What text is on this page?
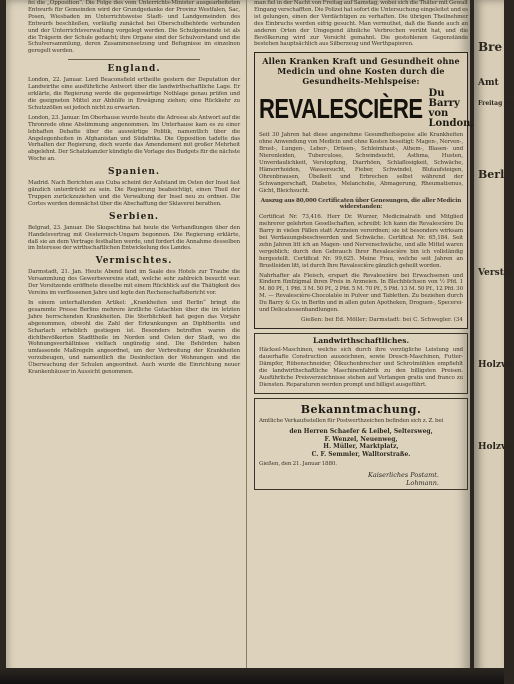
fei die „Opposition“. Die Folge des vom Unterrichts-Minister ausgearbeiteten Entwurfs für Gemeinden wird der Grundgedanke der Provinz Westfalen, Sac, Posen, Wiesbaden im Unterrichtsweise Stadt- und Landgemeinden des Entwurfs beschließen, vorläufig zunächst bei Oberschulbehörde verbunden und der Unterrichtsverwaltung vorgelegt werden. Die Schulgemeinde ist als die Trägerin der Schule gedacht; ihre Organe sind der Schulvorstand und die Schulversammlung, deren Zusammensetzung und Befugnisse im einzelnen geregelt werden.

England.

London, 22. Januar. Lord Beaconsfield ertheilte gestern der Deputation der Landwirthe eine ausführliche Antwort über die landwirthschaftliche Lage. Er erklärte, die Regierung werde die gegenwärtige Nothlage genau prüfen und die geeigneten Mittel zur Abhülfe in Erwägung ziehen; eine Rückkehr zu Schutzzöllen sei jedoch nicht zu erwarten.

London, 23. Januar. Im Oberhause wurde heute die Adresse als Antwort auf die Thronrede ohne Abstimmung angenommen. Im Unterhause kam es zu einer lebhaften Debatte über die auswärtige Politik, namentlich über die Angelegenheiten in Afghanistan und Südafrika. Die Opposition tadelte das Verhalten der Regierung, doch wurde das Amendement mit großer Mehrheit abgelehnt. Der Schatzkanzler kündigte die Vorlage des Budgets für die nächste Woche an.

Spanien.

Madrid. Nach Berichten aus Cuba scheint der Aufstand im Osten der Insel fast gänzlich unterdrückt zu sein. Die Regierung beabsichtigt, einen Theil der Truppen zurückzuziehen und die Verwaltung der Insel neu zu ordnen. Die Cortes werden demnächst über die Abschaffung der Sklaverei berathen.

Serbien.

Belgrad, 23. Januar. Die Skupschtina hat heute die Verhandlungen über den Handelsvertrag mit Oesterreich-Ungarn begonnen. Die Regierung erklärte, daß sie an dem Vertrage festhalten werde, und fordert die Annahme desselben im Interesse der wirthschaftlichen Entwickelung des Landes.

Vermischtes.

Darmstadt, 21. Jan. Heute Abend fand im Saale des Hotels zur Traube die Versammlung des Gewerbevereins statt, welche sehr zahlreich besucht war. Der Vorsitzende eröffnete dieselbe mit einem Rückblick auf die Thätigkeit des Vereins im verflossenen Jahre und legte den Rechenschaftsbericht vor.

In einem unterhaltenden Artikel: „Krankheiten und Berlin“ bringt die gesammte Presse Berlins mehrere ärztliche Gutachten über die im letzten Jahre herrschenden Krankheiten. Die Sterblichkeit hat gegen das Vorjahr abgenommen, obwohl die Zahl der Erkrankungen an Diphtheritis und Scharlach erheblich gestiegen ist. Besonders betroffen waren die dichtbevölkerten Stadttheile im Norden und Osten der Stadt, wo die Wohnungsverhältnisse vielfach ungünstig sind. Die Behörden haben umfassende Maßregeln angeordnet, um der Verbreitung der Krankheiten vorzubeugen, und namentlich die Desinfection der Wohnungen und die Überwachung der Schulen angeordnet. Auch wurde die Einrichtung neuer Krankenhäuser in Aussicht genommen.

man fiel in der Nacht von Freitag auf Samstag, wobei sich die Thäter mit Gewalt Eingang verschafften. Die Polizei hat sofort die Untersuchung eingeleitet und es ist gelungen, einen der Verdächtigen zu verhaften. Die übrigen Theilnehmer des Einbruchs werden eifrig gesucht. Man vermuthet, daß die Bande auch an anderen Orten der Umgegend ähnliche Verbrechen verübt hat, und die Bevölkerung wird zur Vorsicht gemahnt. Die gestohlenen Gegenstände bestehen hauptsächlich aus Silberzeug und Werthpapieren.

Allen Kranken Kraft und Gesundheit ohne Medicin und ohne Kosten durch die Gesundheits-Mehlspeise:
REVALESCIÈRE Du Barry von London.

Seit 30 Jahren hat diese angenehme Gesundheitsspeise alle Krankheiten ohne Anwendung von Medicin und ohne Kosten beseitigt: Magen-, Nerven-, Brust-, Lungen-, Leber-, Drüsen-, Schleimhaut-, Athem-, Blasen- und Nierenleiden, Tuberculose, Schwindsucht, Asthma, Husten, Unverdaulichkeit, Verstopfung, Diarrhöen, Schlaflosigkeit, Schwäche, Hämorrhoiden, Wassersucht, Fieber, Schwindel, Blutaufsteigen, Ohrenbrausen, Übelkeit und Erbrechen selbst während der Schwangerschaft, Diabetes, Melancholie, Abmagerung, Rheumatismus, Gicht, Bleichsucht.

Auszug aus 80,000 Certificaten über Genesungen, die aller Medicin widerstanden:

Certificat Nr. 73,416. Herr Dr. Wurzer, Medicinalrath und Mitglied mehrerer gelehrten Gesellschaften, schreibt: Ich kann die Revalescière Du Barry in vielen Fällen statt Arzneien verordnen; sie ist besonders wirksam bei Verdauungsbeschwerden und Schwäche. Certificat Nr. 65,184. Seit zehn Jahren litt ich an Magen- und Nervenschwäche, und alle Mittel waren vergeblich; durch den Gebrauch Ihrer Revalescière bin ich vollständig hergestellt. Certificat Nr. 99,625. Meine Frau, welche seit Jahren an Brustleiden litt, ist durch Ihre Revalescière gänzlich geheilt worden.

Nahrhafter als Fleisch, erspart die Revalescière bei Erwachsenen und Kindern fünfzigmal ihren Preis in Arzneien. In Blechbüchsen von ½ Pfd. 1 M. 80 Pf., 1 Pfd. 3 M. 50 Pf., 2 Pfd. 5 M. 70 Pf., 5 Pfd. 13 M. 50 Pf., 12 Pfd. 30 M. — Revalescière-Chocolatée in Pulver und Tabletten. Zu beziehen durch Du Barry & Co. in Berlin und in allen guten Apotheken, Droguen-, Specerei- und Delicatessenhandlungen.

Gießen: bei Ed. Möller; Darmstadt: bei C. Schwegler. (34
Landwirthschaftliches.

Häcksel-Maschinen, welche sich durch ihre vorzügliche Leistung und dauerhafte Construction auszeichnen, sowie Dresch-Maschinen, Futter-Dämpfer, Rübenschneider, Ölkuchenbrecher und Schrotmühlen empfiehlt die landwirthschaftliche Maschinenfabrik zu den billigsten Preisen. Ausführliche Preisverzeichnisse stehen auf Verlangen gratis und franco zu Diensten. Reparaturen werden prompt und billigst ausgeführt.

Bekanntmachung.

Amtliche Verkaufsstellen für Postwerthzeichen befinden sich z. Z. bei

den Herren Schaefer & Leibel, Seltersweg,
F. Wenzel, Neuenweg,
H. Müller, Marktplatz,
C. F. Semmler, Walltorstraße.

Gießen, den 21. Januar 1880.

Kaiserliches Postamt.
Lohmann.
Bre
Amt
Freitag bis
Berl
Verstei
Holzve
Holzve
